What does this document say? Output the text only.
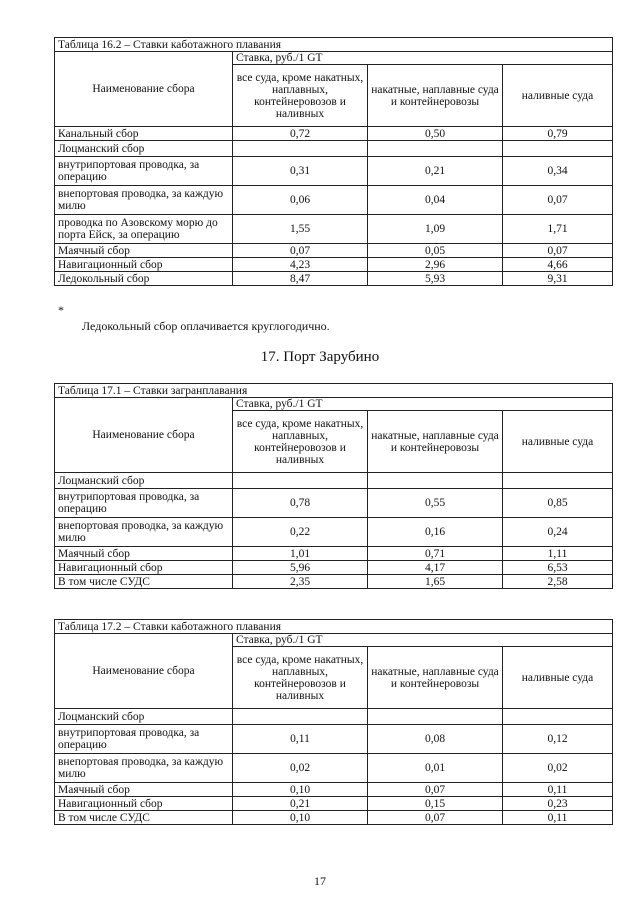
Таблица 16.2 – Ставки каботажного плавания			
Наименование сбора	Ставка, руб./1 GT		
	все суда, кроме накатных, наплавных, контейнеровозов и наливных	накатные, наплавные суда и контейнеровозы	наливные суда
Канальный сбор	0,72	0,50	0,79
Лоцманский сбор			
внутрипортовая проводка, за операцию	0,31	0,21	0,34
внепортовая проводка, за каждую милю	0,06	0,04	0,07
проводка по Азовскому морю до порта Ейск, за операцию	1,55	1,09	1,71
Маячный сбор	0,07	0,05	0,07
Навигационный сбор	4,23	2,96	4,66
Ледокольный сбор	8,47	5,93	9,31
*
Ледокольный сбор оплачивается круглогодично.
17. Порт Зарубино
Таблица 17.1 – Ставки загранплавания			
Наименование сбора	Ставка, руб./1 GT		
	все суда, кроме накатных, наплавных, контейнеровозов и наливных	накатные, наплавные суда и контейнеровозы	наливные суда
Лоцманский сбор			
внутрипортовая проводка, за операцию	0,78	0,55	0,85
внепортовая проводка, за каждую милю	0,22	0,16	0,24
Маячный сбор	1,01	0,71	1,11
Навигационный сбор	5,96	4,17	6,53
В том числе СУДС	2,35	1,65	2,58
Таблица 17.2 – Ставки каботажного плавания			
Наименование сбора	Ставка, руб./1 GT		
	все суда, кроме накатных, наплавных, контейнеровозов и наливных	накатные, наплавные суда и контейнеровозы	наливные суда
Лоцманский сбор			
внутрипортовая проводка, за операцию	0,11	0,08	0,12
внепортовая проводка, за каждую милю	0,02	0,01	0,02
Маячный сбор	0,10	0,07	0,11
Навигационный сбор	0,21	0,15	0,23
В том числе СУДС	0,10	0,07	0,11
17
